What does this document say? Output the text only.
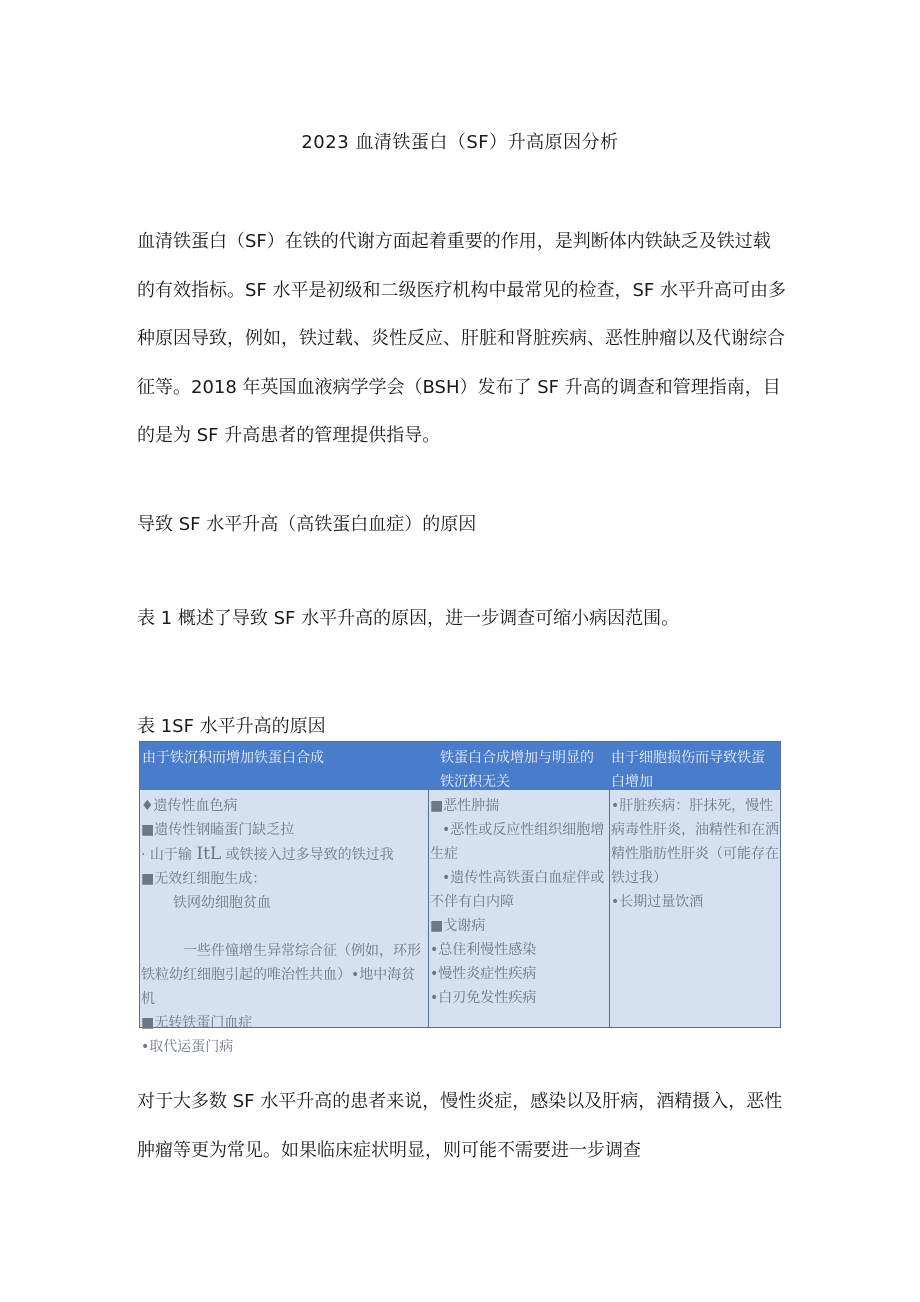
2023 血清铁蛋白（SF）升高原因分析

血清铁蛋白（SF）在铁的代谢方面起着重要的作用，是判断体内铁缺乏及铁过载的有效指标。SF 水平是初级和二级医疗机构中最常见的检查，SF 水平升高可由多种原因导致，例如，铁过载、炎性反应、肝脏和肾脏疾病、恶性肿瘤以及代谢综合征等。2018 年英国血液病学学会（BSH）发布了 SF 升高的调查和管理指南，目的是为 SF 升高患者的管理提供指导。

导致 SF 水平升高（高铁蛋白血症）的原因

表 1 概述了导致 SF 水平升高的原因，进一步调查可缩小病因范围。

表 1SF 水平升高的原因

由于铁沉积而增加铁蛋白合成	铁蛋白合成增加与明显的铁沉积无关
由于细胞损伤而导致铁蛋白增加
♦遗传性血色病
■遗传性钢瞌蛋门缺乏拉
· 山于输 ItL 或铁接入过多导致的铁过我
■无效红细胞生成：
铁网幼细胞贫血
一些件憧增生异常综合征（例如，环形铁粒幼红细胞引起的唯治性共血）•地中海贫机
■无转铁蛋门血症
•取代运蛋门病
■恶性肿揣
•恶性或反应性组织细胞增生症
•遗传性高铁蛋白血症伴或不伴有白内障
■戈谢病
•总住利慢性感染
•慢性炎症性疾病
•白刃免发性疾病
•肝脏疾病：肝抹死，慢性病毒性肝炎，油精性和在洒精性脂肪性肝炎（可能存在铁过我）
•长期过量饮酒

对于大多数 SF 水平升高的患者来说，慢性炎症，感染以及肝病，酒精摄入，恶性肿瘤等更为常见。如果临床症状明显，则可能不需要进一步调查
